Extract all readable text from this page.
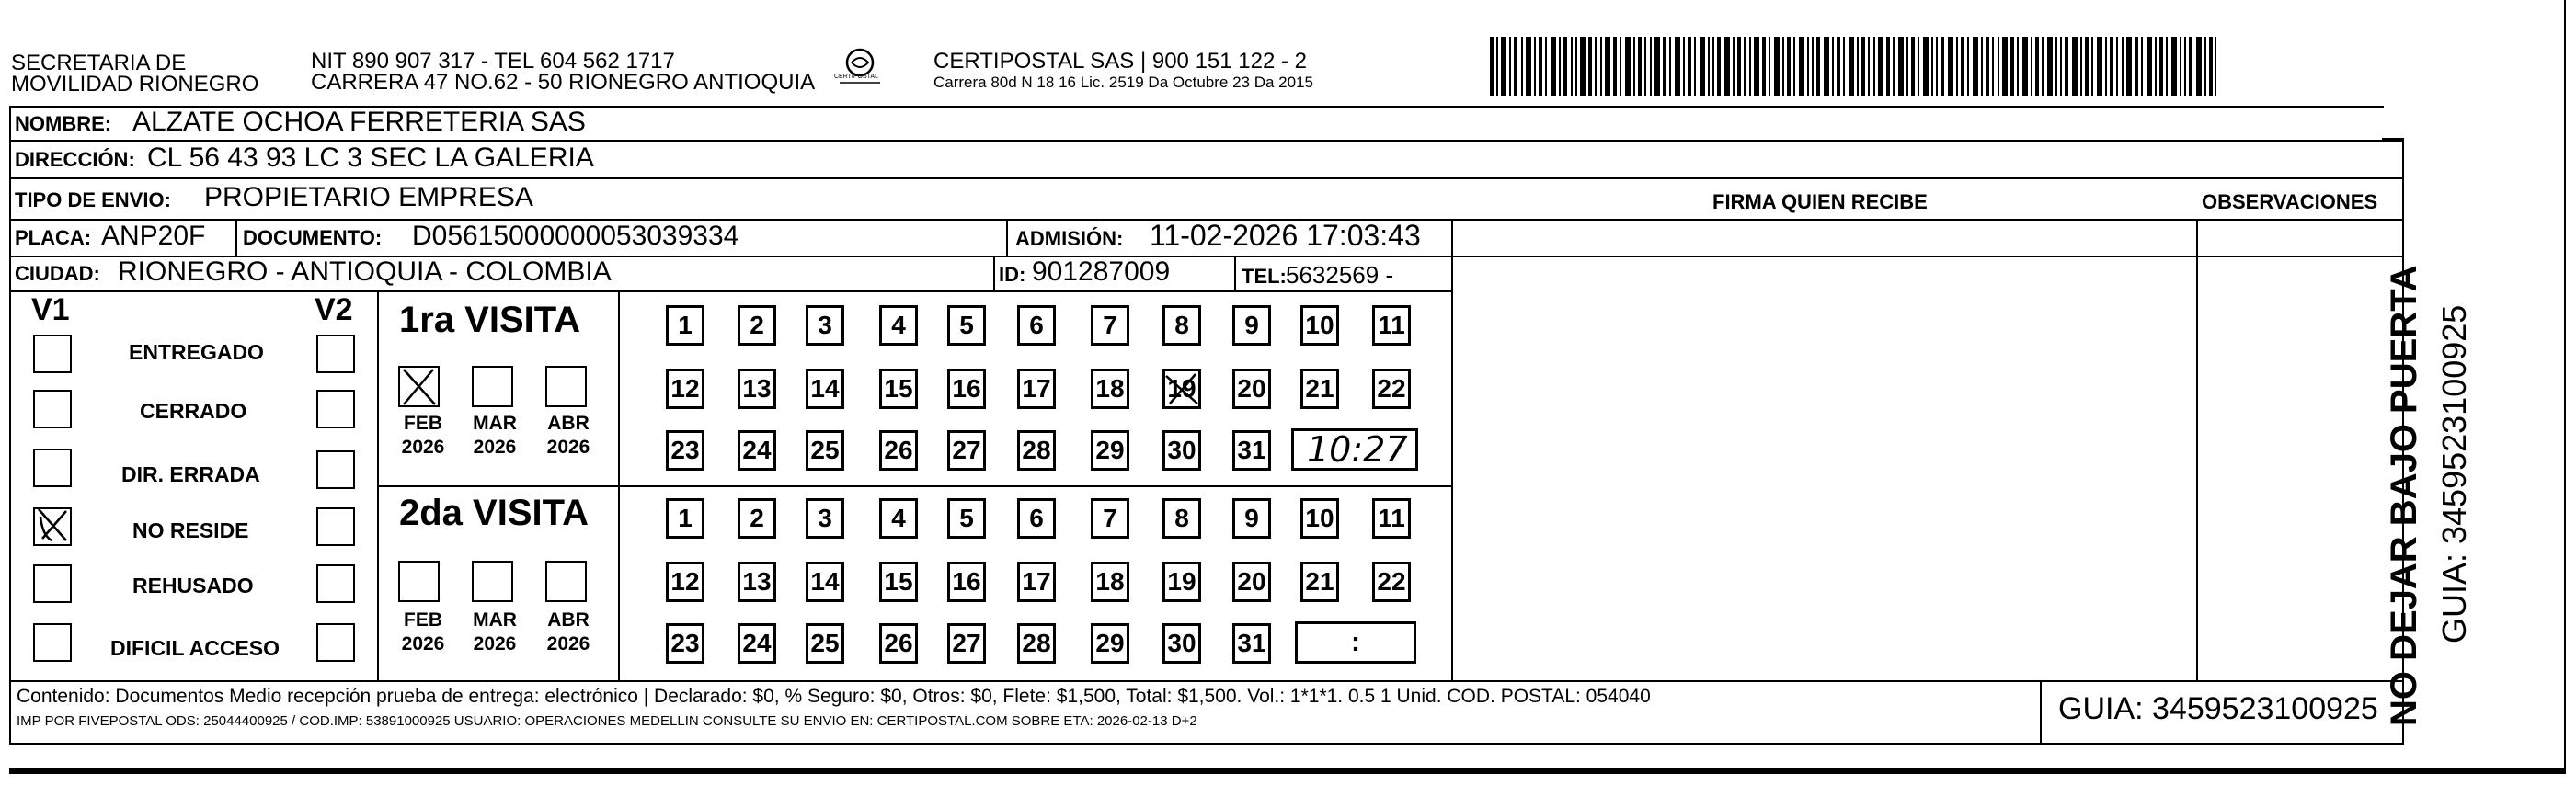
SECRETARIA DE
MOVILIDAD RIONEGRO
NIT 890 907 317 - TEL 604 562 1717
CARRERA 47 NO.62 - 50 RIONEGRO ANTIOQUIA	CERTIPOSTAL
CERTIPOSTAL SAS | 900 151 122 - 2
Carrera 80d N 18 16 Lic. 2519 Da Octubre 23 Da 2015
NOMBRE: ALZATE OCHOA FERRETERIA SAS
DIRECCIÓN: CL 56 43 93 LC 3 SEC LA GALERIA
TIPO DE ENVIO: PROPIETARIO EMPRESA	FIRMA QUIEN RECIBE	OBSERVACIONES
PLACA: ANP20F DOCUMENTO: D05615000000053039334	ADMISIÓN: 11-02-2026 17:03:43
CIUDAD: RIONEGRO - ANTIOQUIA - COLOMBIA	ID: 901287009	TEL: 5632569 -
V1	V2
ENTREGADO
CERRADO
DIR. ERRADA
NO RESIDE
REHUSADO
DIFICIL ACCESO
1ra VISITA
FEB
2026
MAR
2026
ABR
2026
1	2	3	4	5	6	7	8	9	10 11
12 13 14 15 16 17 18 19 20 21 22
23 24 25 26 27 28 29 30 31 10:27
2da VISITA
FEB
2026
MAR
2026
ABR
2026
1	2	3	4	5	6	7	8	9	10 11
12 13 14 15 16 17 18 19 20 21 22
23 24 25 26 27 28 29 30 31	:
Contenido: Documentos Medio recepción prueba de entrega: electrónico | Declarado: $0, % Seguro: $0, Otros: $0, Flete: $1,500, Total: $1,500. Vol.: 1*1*1. 0.5 1 Unid. COD. POSTAL: 054040
IMP POR FIVEPOSTAL ODS: 25044400925 / COD.IMP: 53891000925 USUARIO: OPERACIONES MEDELLIN CONSULTE SU ENVIO EN: CERTIPOSTAL.COM SOBRE ETA: 2026-02-13 D+2	GUIA: 3459523100925 NO DEJAR BAJO PUERTA GUIA: 3459523100925
